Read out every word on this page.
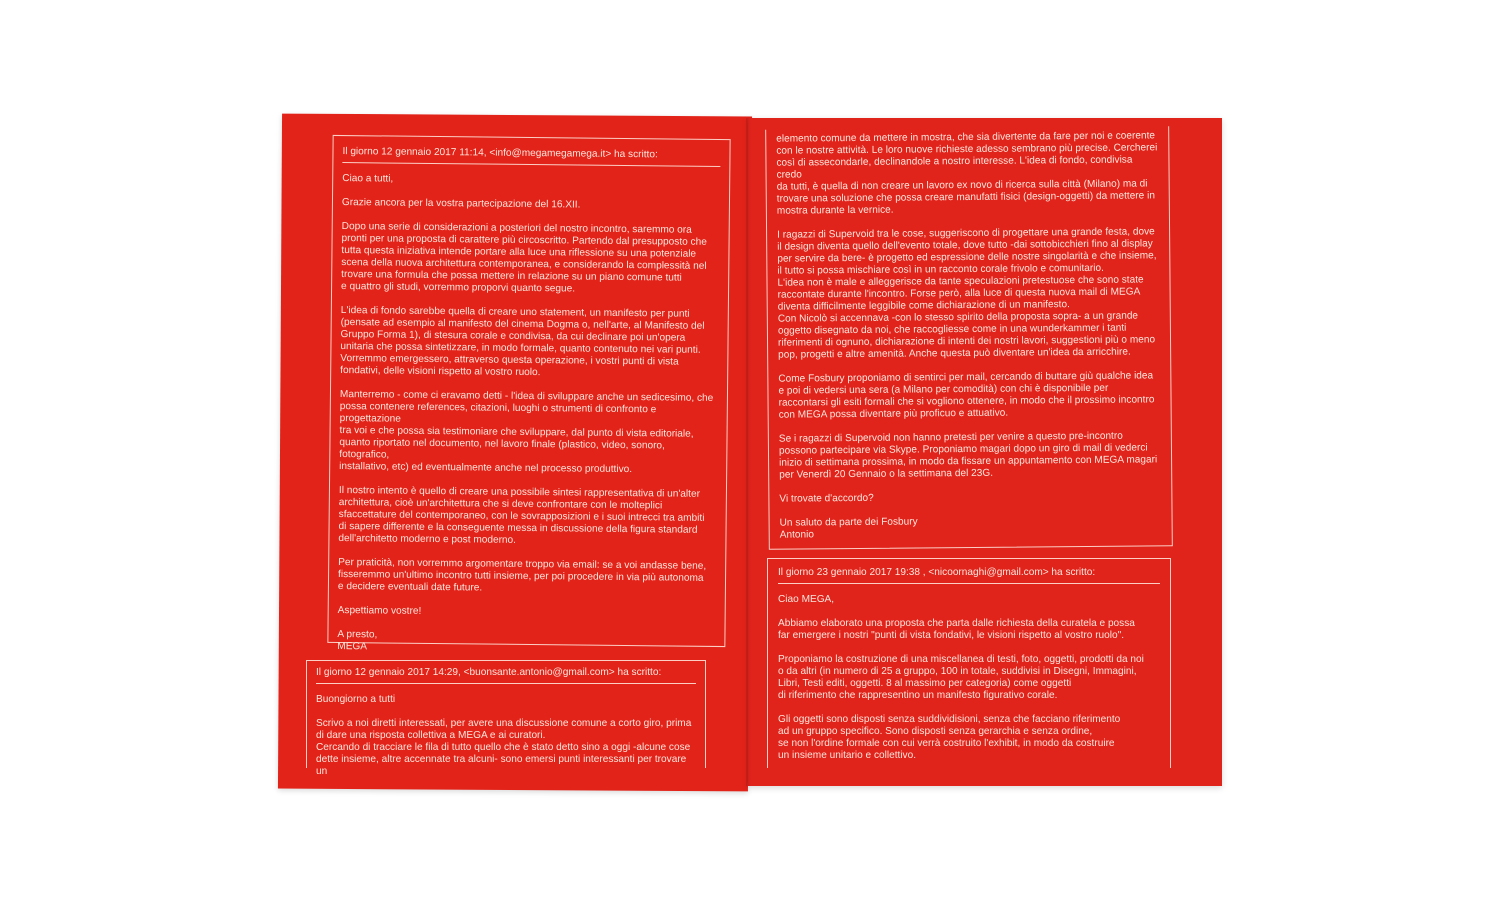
Il giorno 12 gennaio 2017 11:14, <info@megamegamega.it> ha scritto:

Ciao a tutti,

Grazie ancora per la vostra partecipazione del 16.XII.

Dopo una serie di considerazioni a posteriori del nostro incontro, saremmo ora
pronti per una proposta di carattere più circoscritto. Partendo dal presupposto che
tutta questa iniziativa intende portare alla luce una riflessione su una potenziale
scena della nuova architettura contemporanea, e considerando la complessità nel
trovare una formula che possa mettere in relazione su un piano comune tutti
e quattro gli studi, vorremmo proporvi quanto segue.

L'idea di fondo sarebbe quella di creare uno statement, un manifesto per punti
(pensate ad esempio al manifesto del cinema Dogma o, nell'arte, al Manifesto del
Gruppo Forma 1), di stesura corale e condivisa, da cui declinare poi un'opera
unitaria che possa sintetizzare, in modo formale, quanto contenuto nei vari punti.
Vorremmo emergessero, attraverso questa operazione, i vostri punti di vista
fondativi, delle visioni rispetto al vostro ruolo.

Manterremo - come ci eravamo detti - l'idea di sviluppare anche un sedicesimo, che
possa contenere references, citazioni, luoghi o strumenti di confronto e progettazione
tra voi e che possa sia testimoniare che sviluppare, dal punto di vista editoriale,
quanto riportato nel documento, nel lavoro finale (plastico, video, sonoro, fotografico,
installativo, etc) ed eventualmente anche nel processo produttivo.

Il nostro intento è quello di creare una possibile sintesi rappresentativa di un'alter
architettura, cioè un'architettura che si deve confrontare con le molteplici
sfaccettature del contemporaneo, con le sovrapposizioni e i suoi intrecci tra ambiti
di sapere differente e la conseguente messa in discussione della figura standard
dell'architetto moderno e post moderno.

Per praticità, non vorremmo argomentare troppo via email: se a voi andasse bene,
fisseremmo un'ultimo incontro tutti insieme, per poi procedere in via più autonoma
e decidere eventuali date future.

Aspettiamo vostre!

A presto,
MEGA

Il giorno 12 gennaio 2017 14:29, <buonsante.antonio@gmail.com> ha scritto:

Buongiorno a tutti

Scrivo a noi diretti interessati, per avere una discussione comune a corto giro, prima
di dare una risposta collettiva a MEGA e ai curatori.
Cercando di tracciare le fila di tutto quello che è stato detto sino a oggi -alcune cose
dette insieme, altre accennate tra alcuni- sono emersi punti interessanti per trovare un

elemento comune da mettere in mostra, che sia divertente da fare per noi e coerente
con le nostre attività. Le loro nuove richieste adesso sembrano più precise. Cercherei
così di assecondarle, declinandole a nostro interesse. L'idea di fondo, condivisa credo
da tutti, è quella di non creare un lavoro ex novo di ricerca sulla città (Milano) ma di
trovare una soluzione che possa creare manufatti fisici (design-oggetti) da mettere in
mostra durante la vernice.

I ragazzi di Supervoid tra le cose, suggeriscono di progettare una grande festa, dove
il design diventa quello dell'evento totale, dove tutto -dai sottobicchieri fino al display
per servire da bere- è progetto ed espressione delle nostre singolarità e che insieme,
il tutto si possa mischiare così in un racconto corale frivolo e comunitario.
L'idea non è male e alleggerisce da tante speculazioni pretestuose che sono state
raccontate durante l'incontro. Forse però, alla luce di questa nuova mail di MEGA
diventa difficilmente leggibile come dichiarazione di un manifesto.
Con Nicolò si accennava -con lo stesso spirito della proposta sopra- a un grande
oggetto disegnato da noi, che raccogliesse come in una wunderkammer i tanti
riferimenti di ognuno, dichiarazione di intenti dei nostri lavori, suggestioni più o meno
pop, progetti e altre amenità. Anche questa può diventare un'idea da arricchire.

Come Fosbury proponiamo di sentirci per mail, cercando di buttare giù qualche idea
e poi di vedersi una sera (a Milano per comodità) con chi è disponibile per
raccontarsi gli esiti formali che si vogliono ottenere, in modo che il prossimo incontro
con MEGA possa diventare più proficuo e attuativo.

Se i ragazzi di Supervoid non hanno pretesti per venire a questo pre-incontro
possono partecipare via Skype. Proponiamo magari dopo un giro di mail di vederci
inizio di settimana prossima, in modo da fissare un appuntamento con MEGA magari
per Venerdì 20 Gennaio o la settimana del 23G.

Vi trovate d'accordo?

Un saluto da parte dei Fosbury
Antonio

Il giorno 23 gennaio 2017 19:38 , <nicoornaghi@gmail.com> ha scritto:

Ciao MEGA,

Abbiamo elaborato una proposta che parta dalle richiesta della curatela e possa
far emergere i nostri "punti di vista fondativi, le visioni rispetto al vostro ruolo".

Proponiamo la costruzione di una miscellanea di testi, foto, oggetti, prodotti da noi
o da altri (in numero di 25 a gruppo, 100 in totale, suddivisi in Disegni, Immagini,
Libri, Testi editi, oggetti. 8 al massimo per categoria) come oggetti
di riferimento che rappresentino un manifesto figurativo corale.

Gli oggetti sono disposti senza suddividisioni, senza che facciano riferimento
ad un gruppo specifico. Sono disposti senza gerarchia e senza ordine,
se non l'ordine formale con cui verrà costruito l'exhibit, in modo da costruire
un insieme unitario e collettivo.
